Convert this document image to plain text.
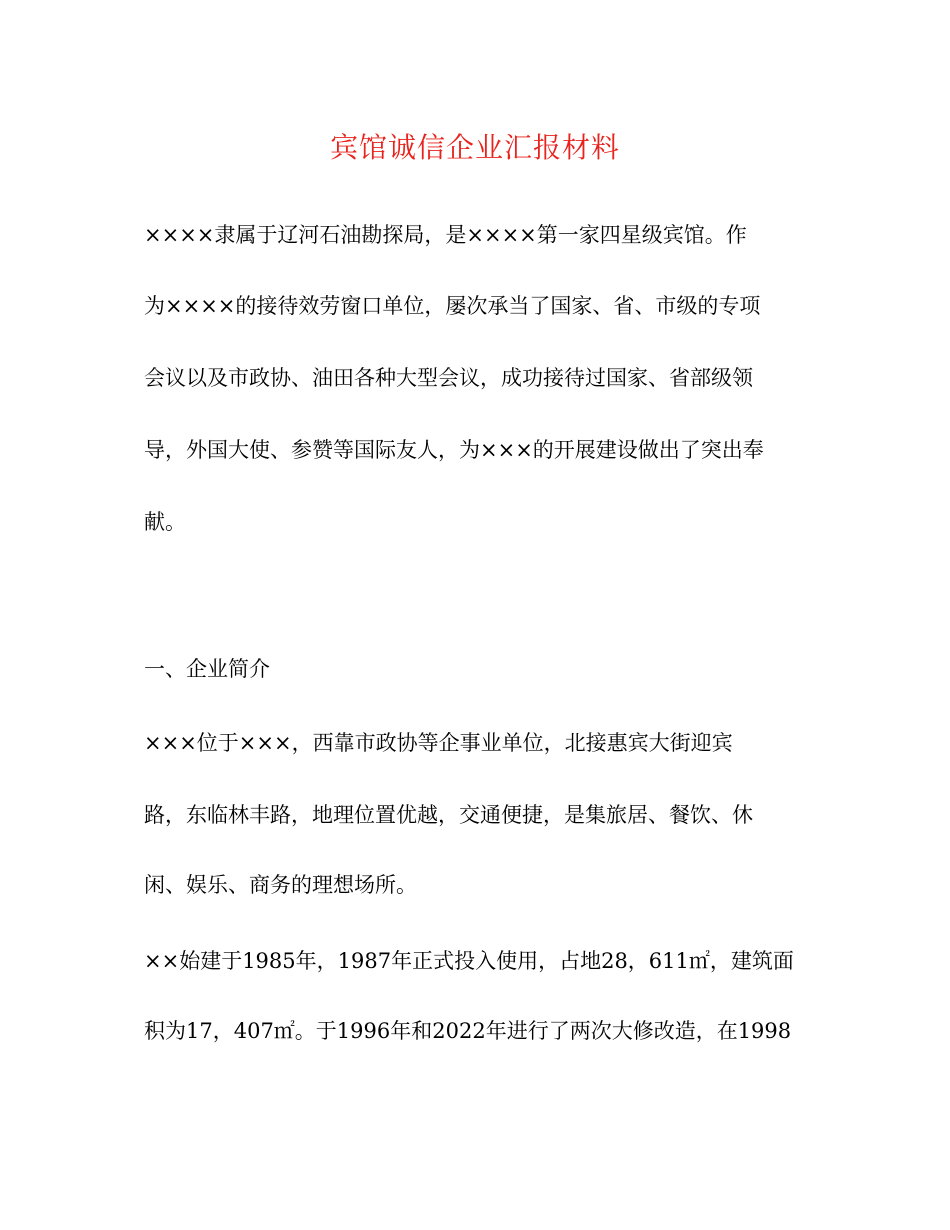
宾馆诚信企业汇报材料
××××隶属于辽河石油勘探局，是××××第一家四星级宾馆。作
为××××的接待效劳窗口单位，屡次承当了国家、省、市级的专项
会议以及市政协、油田各种大型会议，成功接待过国家、省部级领
导，外国大使、参赞等国际友人，为×××的开展建设做出了突出奉
献。
一、企业简介
×××位于×××，西靠市政协等企事业单位，北接惠宾大街迎宾
路，东临林丰路，地理位置优越，交通便捷，是集旅居、餐饮、休
闲、娱乐、商务的理想场所。
××始建于1985年，1987年正式投入使用，占地28，611㎡，建筑面
积为17，407㎡。于1996年和2022年进行了两次大修改造，在1998
